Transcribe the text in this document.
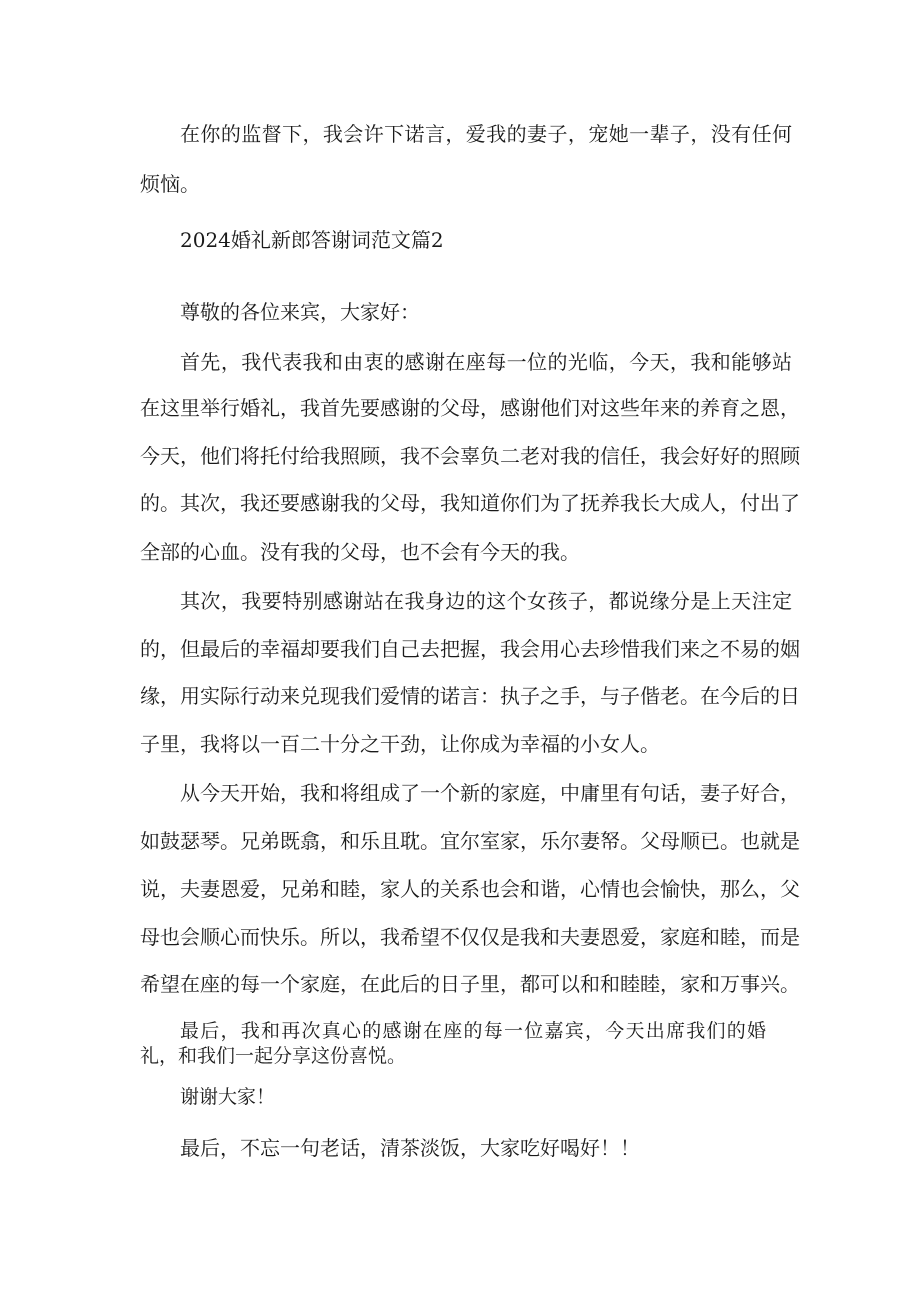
在你的监督下，我会许下诺言，爱我的妻子，宠她一辈子，没有任何
烦恼。
2024婚礼新郎答谢词范文篇2
尊敬的各位来宾，大家好：
首先，我代表我和由衷的感谢在座每一位的光临，今天，我和能够站
在这里举行婚礼，我首先要感谢的父母，感谢他们对这些年来的养育之恩，
今天，他们将托付给我照顾，我不会辜负二老对我的信任，我会好好的照顾
的。其次，我还要感谢我的父母，我知道你们为了抚养我长大成人，付出了
全部的心血。没有我的父母，也不会有今天的我。
其次，我要特别感谢站在我身边的这个女孩子，都说缘分是上天注定
的，但最后的幸福却要我们自己去把握，我会用心去珍惜我们来之不易的姻
缘，用实际行动来兑现我们爱情的诺言：执子之手，与子偕老。在今后的日
子里，我将以一百二十分之干劲，让你成为幸福的小女人。
从今天开始，我和将组成了一个新的家庭，中庸里有句话，妻子好合，
如鼓瑟琴。兄弟既翕，和乐且耽。宜尔室家，乐尔妻帑。父母顺已。也就是
说，夫妻恩爱，兄弟和睦，家人的关系也会和谐，心情也会愉快，那么，父
母也会顺心而快乐。所以，我希望不仅仅是我和夫妻恩爱，家庭和睦，而是
希望在座的每一个家庭，在此后的日子里，都可以和和睦睦，家和万事兴。
最后，我和再次真心的感谢在座的每一位嘉宾，今天出席我们的婚
礼，和我们一起分享这份喜悦。
谢谢大家！
最后，不忘一句老话，清茶淡饭，大家吃好喝好！！
